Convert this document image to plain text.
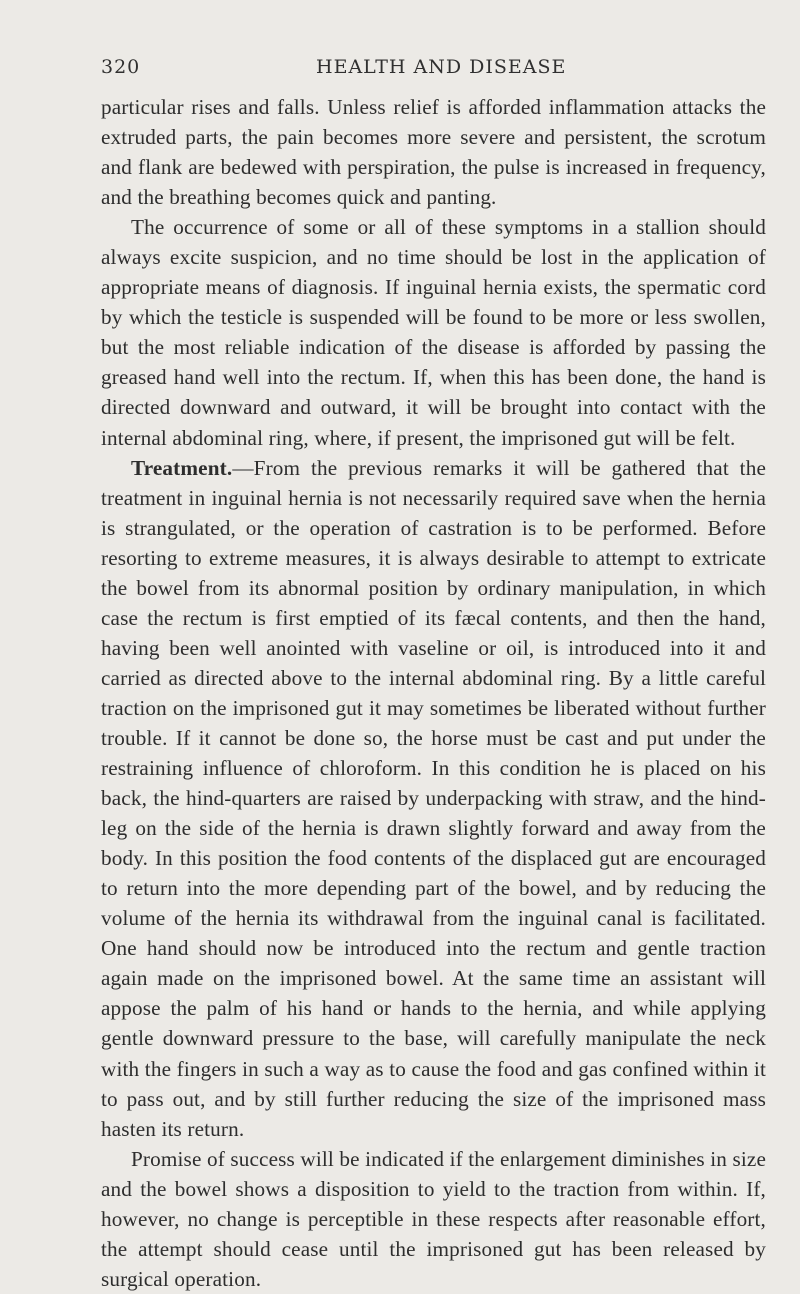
320	HEALTH AND DISEASE

particular rises and falls. Unless relief is afforded inflammation attacks the extruded parts, the pain becomes more severe and persistent, the scrotum and flank are bedewed with perspiration, the pulse is increased in frequency, and the breathing becomes quick and panting.

The occurrence of some or all of these symptoms in a stallion should always excite suspicion, and no time should be lost in the application of appropriate means of diagnosis. If inguinal hernia exists, the spermatic cord by which the testicle is suspended will be found to be more or less swollen, but the most reliable indication of the disease is afforded by passing the greased hand well into the rectum. If, when this has been done, the hand is directed downward and outward, it will be brought into contact with the internal abdominal ring, where, if present, the imprisoned gut will be felt.

Treatment.—From the previous remarks it will be gathered that the treatment in inguinal hernia is not necessarily required save when the hernia is strangulated, or the operation of castration is to be performed. Before resorting to extreme measures, it is always desirable to attempt to extricate the bowel from its abnormal position by ordinary manipulation, in which case the rectum is first emptied of its fæcal contents, and then the hand, having been well anointed with vaseline or oil, is introduced into it and carried as directed above to the internal abdominal ring. By a little careful traction on the imprisoned gut it may sometimes be liberated without further trouble. If it cannot be done so, the horse must be cast and put under the restraining influence of chloroform. In this condition he is placed on his back, the hind-quarters are raised by underpacking with straw, and the hind-leg on the side of the hernia is drawn slightly forward and away from the body. In this position the food contents of the displaced gut are encouraged to return into the more depending part of the bowel, and by reducing the volume of the hernia its withdrawal from the inguinal canal is facilitated. One hand should now be introduced into the rectum and gentle traction again made on the imprisoned bowel. At the same time an assistant will appose the palm of his hand or hands to the hernia, and while applying gentle downward pressure to the base, will carefully manipulate the neck with the fingers in such a way as to cause the food and gas confined within it to pass out, and by still further reducing the size of the imprisoned mass hasten its return.

Promise of success will be indicated if the enlargement diminishes in size and the bowel shows a disposition to yield to the traction from within. If, however, no change is perceptible in these respects after reasonable effort, the attempt should cease until the imprisoned gut has been released by surgical operation.
